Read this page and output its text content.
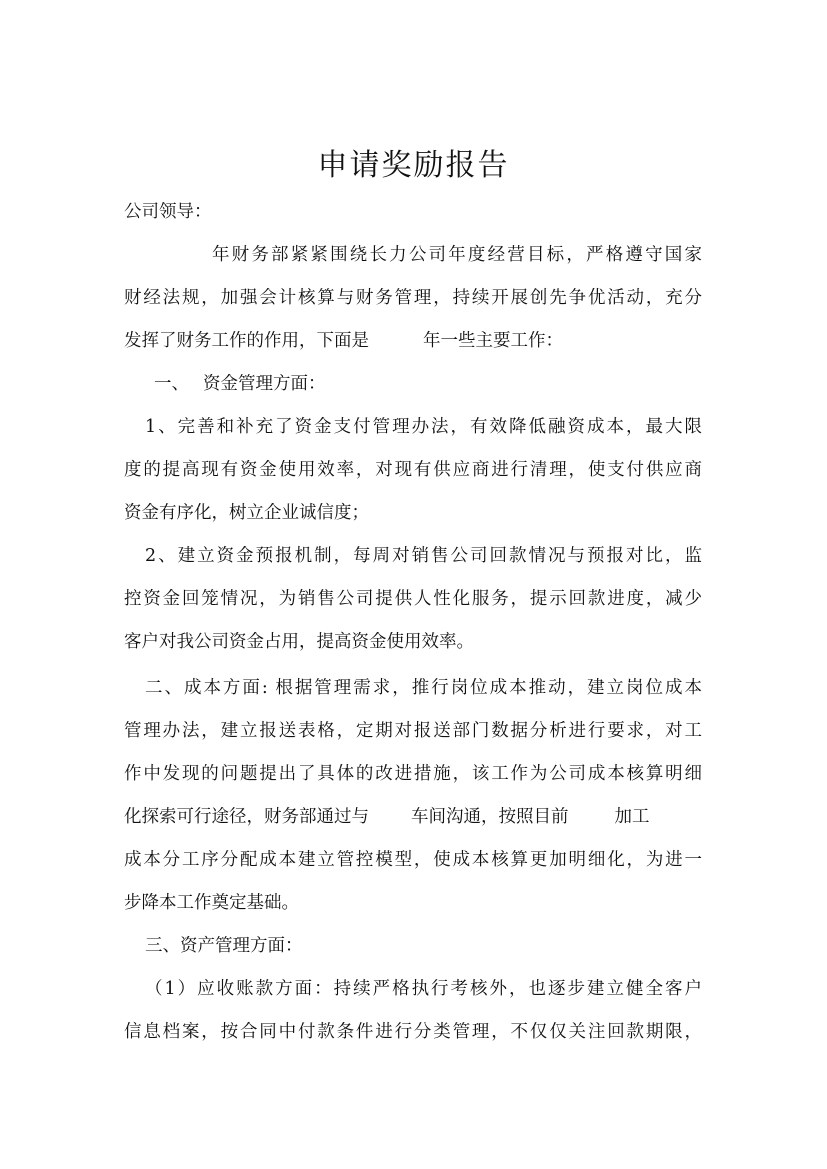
申请奖励报告
公司领导：
年财务部紧紧围绕长力公司年度经营目标，严格遵守国家
财经法规，加强会计核算与财务管理，持续开展创先争优活动，充分
发挥了财务工作的作用，下面是	年一些主要工作：
一、 资金管理方面：
1、完善和补充了资金支付管理办法，有效降低融资成本，最大限
度的提高现有资金使用效率，对现有供应商进行清理，使支付供应商
资金有序化，树立企业诚信度；
2、建立资金预报机制，每周对销售公司回款情况与预报对比，监
控资金回笼情况，为销售公司提供人性化服务，提示回款进度，减少
客户对我公司资金占用，提高资金使用效率。
二、成本方面: 根据管理需求，推行岗位成本推动，建立岗位成本
管理办法，建立报送表格，定期对报送部门数据分析进行要求，对工
作中发现的问题提出了具体的改进措施，该工作为公司成本核算明细
化探索可行途径，财务部通过与 车间沟通，按照目前	加工
成本分工序分配成本建立管控模型，使成本核算更加明细化，为进一
步降本工作奠定基础。
三、资产管理方面：
（1）应收账款方面：持续严格执行考核外，也逐步建立健全客户
信息档案，按合同中付款条件进行分类管理，不仅仅关注回款期限，
